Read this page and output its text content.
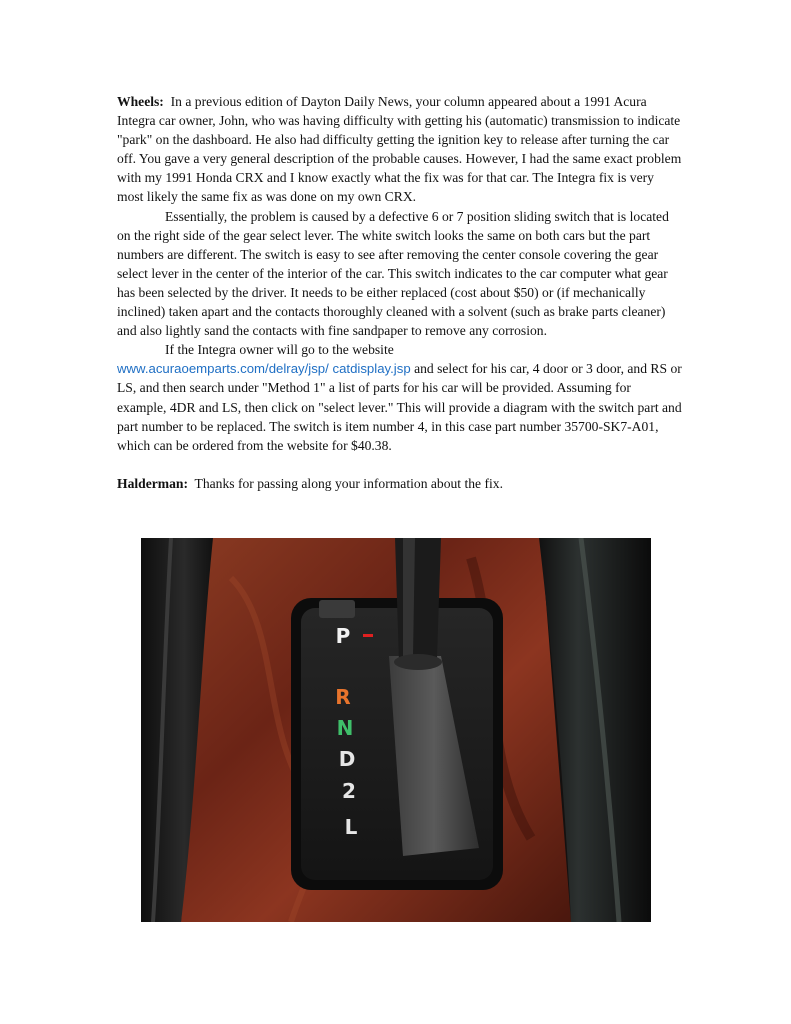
Wheels: In a previous edition of Dayton Daily News, your column appeared about a 1991 Acura Integra car owner, John, who was having difficulty with getting his (automatic) transmission to indicate "park" on the dashboard. He also had difficulty getting the ignition key to release after turning the car off. You gave a very general description of the probable causes. However, I had the same exact problem with my 1991 Honda CRX and I know exactly what the fix was for that car. The Integra fix is very most likely the same fix as was done on my own CRX.

Essentially, the problem is caused by a defective 6 or 7 position sliding switch that is located on the right side of the gear select lever. The white switch looks the same on both cars but the part numbers are different. The switch is easy to see after removing the center console covering the gear select lever in the center of the interior of the car. This switch indicates to the car computer what gear has been selected by the driver. It needs to be either replaced (cost about $50) or (if mechanically inclined) taken apart and the contacts thoroughly cleaned with a solvent (such as brake parts cleaner) and also lightly sand the contacts with fine sandpaper to remove any corrosion.

If the Integra owner will go to the website
www.acuraoemparts.com/delray/jsp/ catdisplay.jsp and select for his car, 4 door or 3 door, and RS or LS, and then search under "Method 1" a list of parts for his car will be provided. Assuming for example, 4DR and LS, then click on "select lever." This will provide a diagram with the switch part and part number to be replaced. The switch is item number 4, in this case part number 35700-SK7-A01, which can be ordered from the website for $40.38.

Halderman: Thanks for passing along your information about the fix.

P
R
N
D
2
L
